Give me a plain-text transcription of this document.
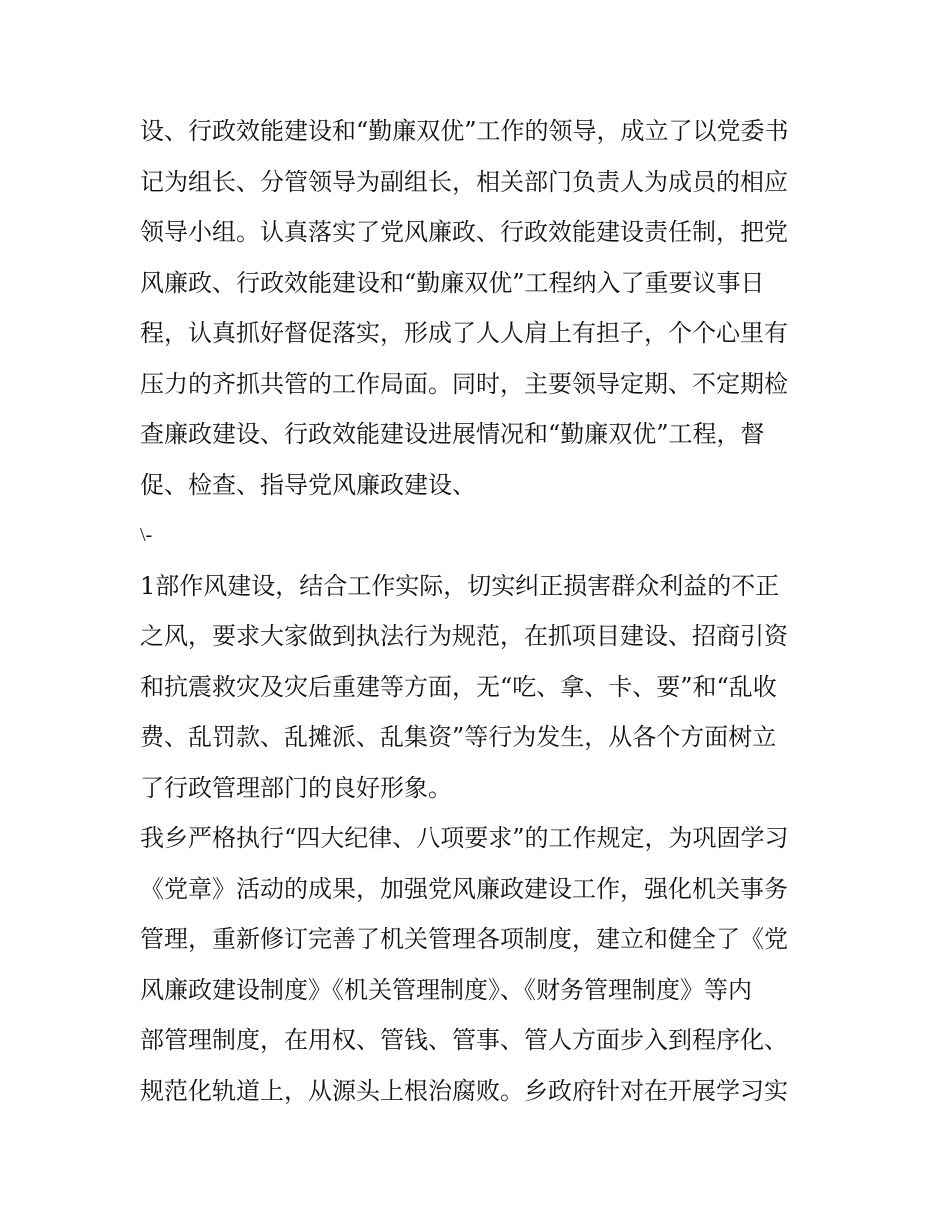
设、行政效能建设和“勤廉双优”工作的领导，成立了以党委书
记为组长、分管领导为副组长，相关部门负责人为成员的相应
领导小组。认真落实了党风廉政、行政效能建设责任制，把党
风廉政、行政效能建设和“勤廉双优”工程纳入了重要议事日
程，认真抓好督促落实，形成了人人肩上有担子，个个心里有
压力的齐抓共管的工作局面。同时，主要领导定期、不定期检
查廉政建设、行政效能建设进展情况和“勤廉双优”工程，督
促、检查、指导党风廉政建设、
\-
1部作风建设，结合工作实际，切实纠正损害群众利益的不正
之风，要求大家做到执法行为规范，在抓项目建设、招商引资
和抗震救灾及灾后重建等方面，无“吃、拿、卡、要”和“乱收
费、乱罚款、乱摊派、乱集资”等行为发生，从各个方面树立
了行政管理部门的良好形象。
我乡严格执行“四大纪律、八项要求”的工作规定，为巩固学习
《党章》活动的成果，加强党风廉政建设工作，强化机关事务
管理，重新修订完善了机关管理各项制度，建立和健全了《党
风廉政建设制度》《机关管理制度》、《财务管理制度》等内
部管理制度，在用权、管钱、管事、管人方面步入到程序化、
规范化轨道上，从源头上根治腐败。乡政府针对在开展学习实
